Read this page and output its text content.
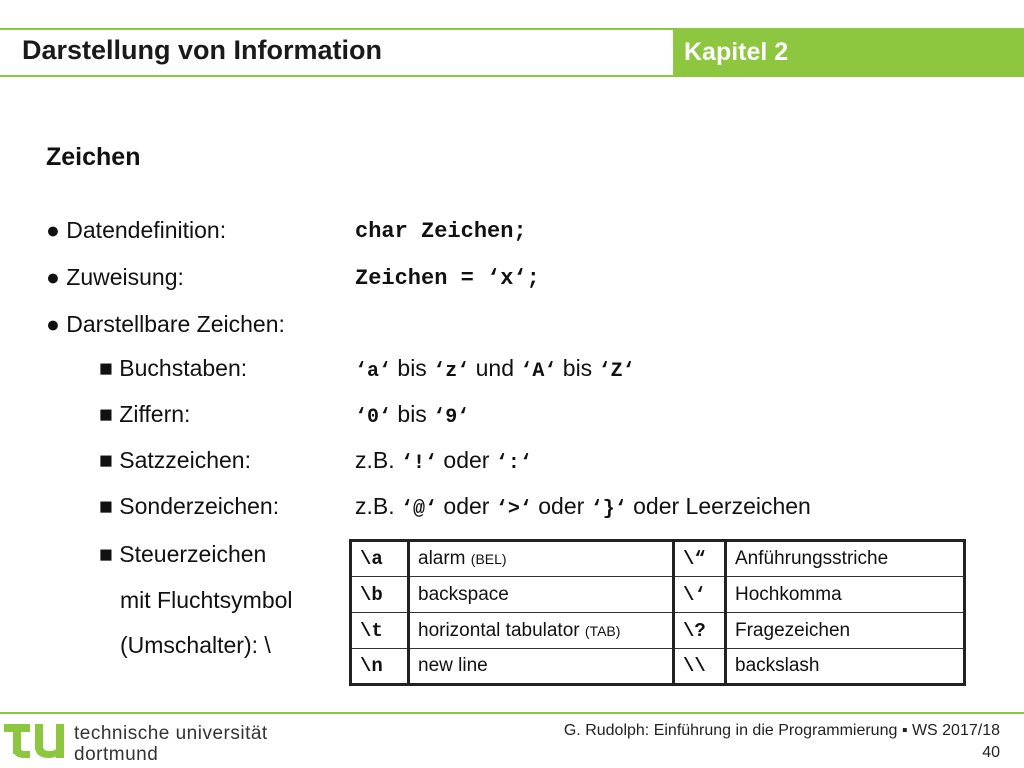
Darstellung von Information	Kapitel 2
Zeichen
● Datendefinition:	char Zeichen;
● Zuweisung:	Zeichen = ‘x‘;
● Darstellbare Zeichen:
■ Buchstaben:	‘a‘ bis ‘z‘ und ‘A‘ bis ‘Z‘
■ Ziffern:	‘0‘ bis ‘9‘
■ Satzzeichen:	z.B. ‘!‘ oder ‘:‘
■ Sonderzeichen:	z.B. ‘@‘ oder ‘>‘ oder ‘}‘ oder Leerzeichen
■ Steuerzeichen
mit Fluchtsymbol
(Umschalter): \
\a	alarm (BEL)	\“	Anführungsstriche
\b	backspace	\‘	Hochkomma
\t	horizontal tabulator (TAB)	\?	Fragezeichen
\n	new line	\\	backslash
technische universität
dortmund
G. Rudolph: Einführung in die Programmierung ▪ WS 2017/18
40
